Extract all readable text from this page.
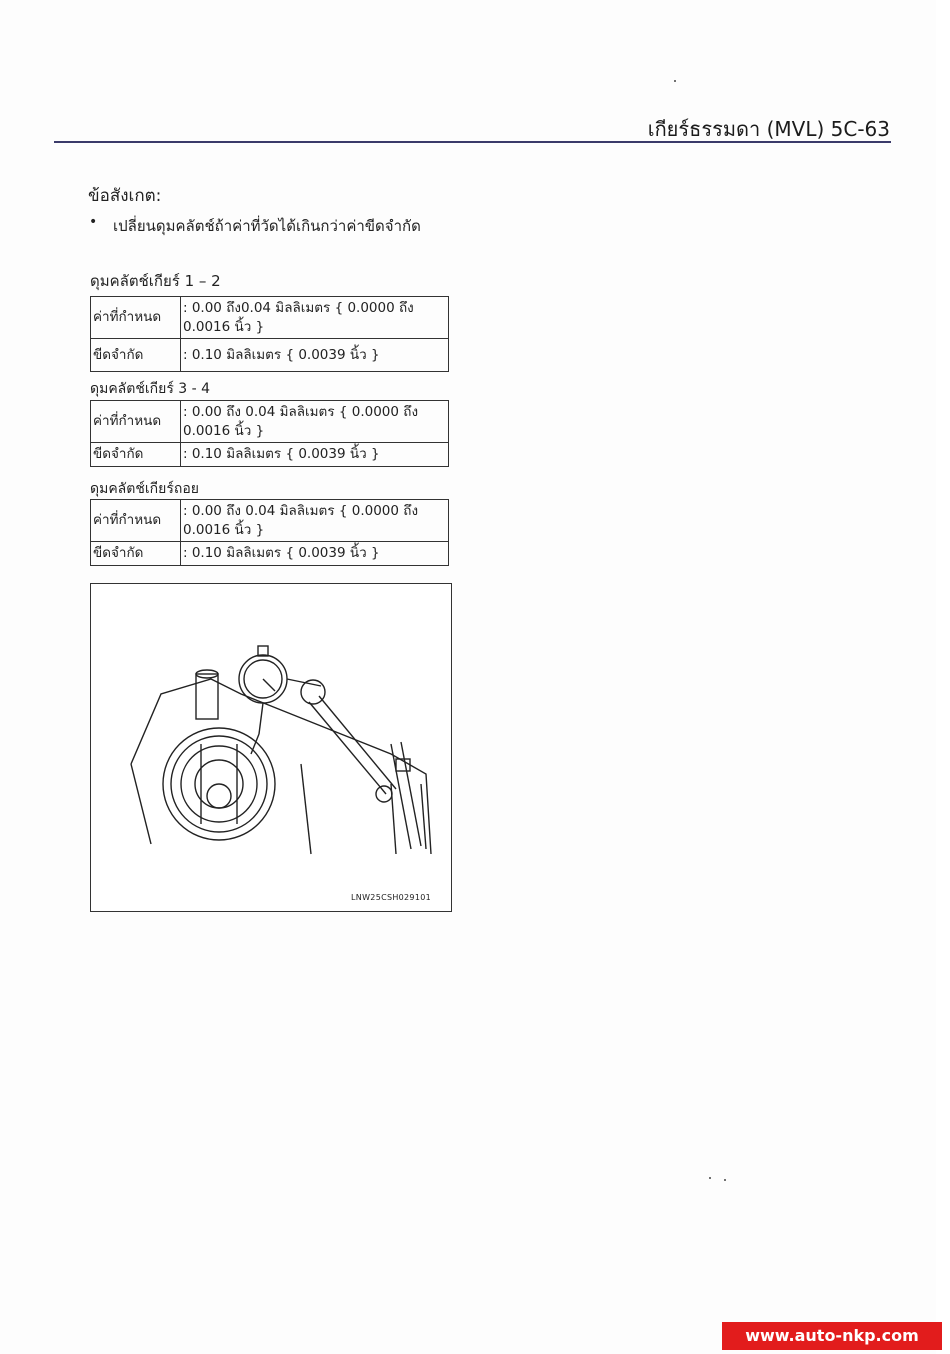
เกียร์ธรรมดา (MVL) 5C-63
ข้อสังเกต:
• เปลี่ยนดุมคลัตช์ถ้าค่าที่วัดได้เกินกว่าค่าขีดจำกัด
ดุมคลัตช์เกียร์ 1 – 2
ค่าที่กำหนด	: 0.00 ถึง0.04 มิลลิเมตร { 0.0000 ถึง 0.0016 นิ้ว }
ขีดจำกัด	: 0.10 มิลลิเมตร { 0.0039 นิ้ว }
ดุมคลัตช์เกียร์ 3 - 4
ค่าที่กำหนด	: 0.00 ถึง 0.04 มิลลิเมตร { 0.0000 ถึง 0.0016 นิ้ว }
ขีดจำกัด	: 0.10 มิลลิเมตร { 0.0039 นิ้ว }
ดุมคลัตช์เกียร์ถอย
ค่าที่กำหนด	: 0.00 ถึง 0.04 มิลลิเมตร { 0.0000 ถึง 0.0016 นิ้ว }
ขีดจำกัด	: 0.10 มิลลิเมตร { 0.0039 นิ้ว }
LNW25CSH029101
www.auto-nkp.com
